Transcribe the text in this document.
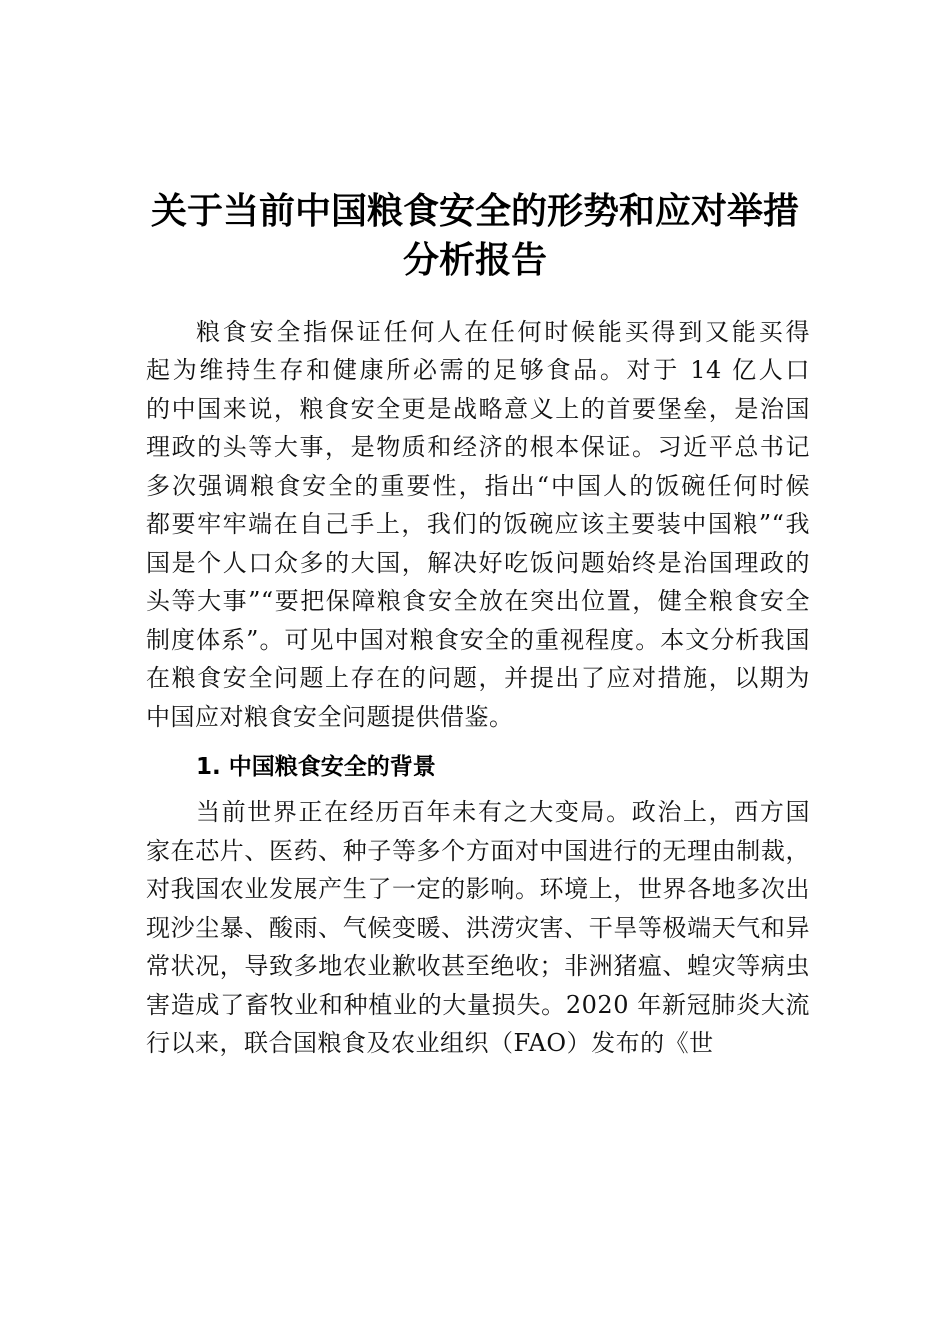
关于当前中国粮食安全的形势和应对举措
分析报告
粮食安全指保证任何人在任何时候能买得到又能买得
起为维持生存和健康所必需的足够食品。对于 14 亿人口
的中国来说，粮食安全更是战略意义上的首要堡垒，是治国
理政的头等大事，是物质和经济的根本保证。习近平总书记
多次强调粮食安全的重要性，指出“中国人的饭碗任何时候
都要牢牢端在自己手上，我们的饭碗应该主要装中国粮”“我
国是个人口众多的大国，解决好吃饭问题始终是治国理政的
头等大事”“要把保障粮食安全放在突出位置，健全粮食安全
制度体系”。可见中国对粮食安全的重视程度。本文分析我国
在粮食安全问题上存在的问题，并提出了应对措施，以期为
中国应对粮食安全问题提供借鉴。
1. 中国粮食安全的背景
当前世界正在经历百年未有之大变局。政治上，西方国
家在芯片、医药、种子等多个方面对中国进行的无理由制裁，
对我国农业发展产生了一定的影响。环境上，世界各地多次出
现沙尘暴、酸雨、气候变暖、洪涝灾害、干旱等极端天气和异
常状况，导致多地农业歉收甚至绝收；非洲猪瘟、蝗灾等病虫
害造成了畜牧业和种植业的大量损失。2020 年新冠肺炎大流
行以来，联合国粮食及农业组织（FAO）发布的《世
